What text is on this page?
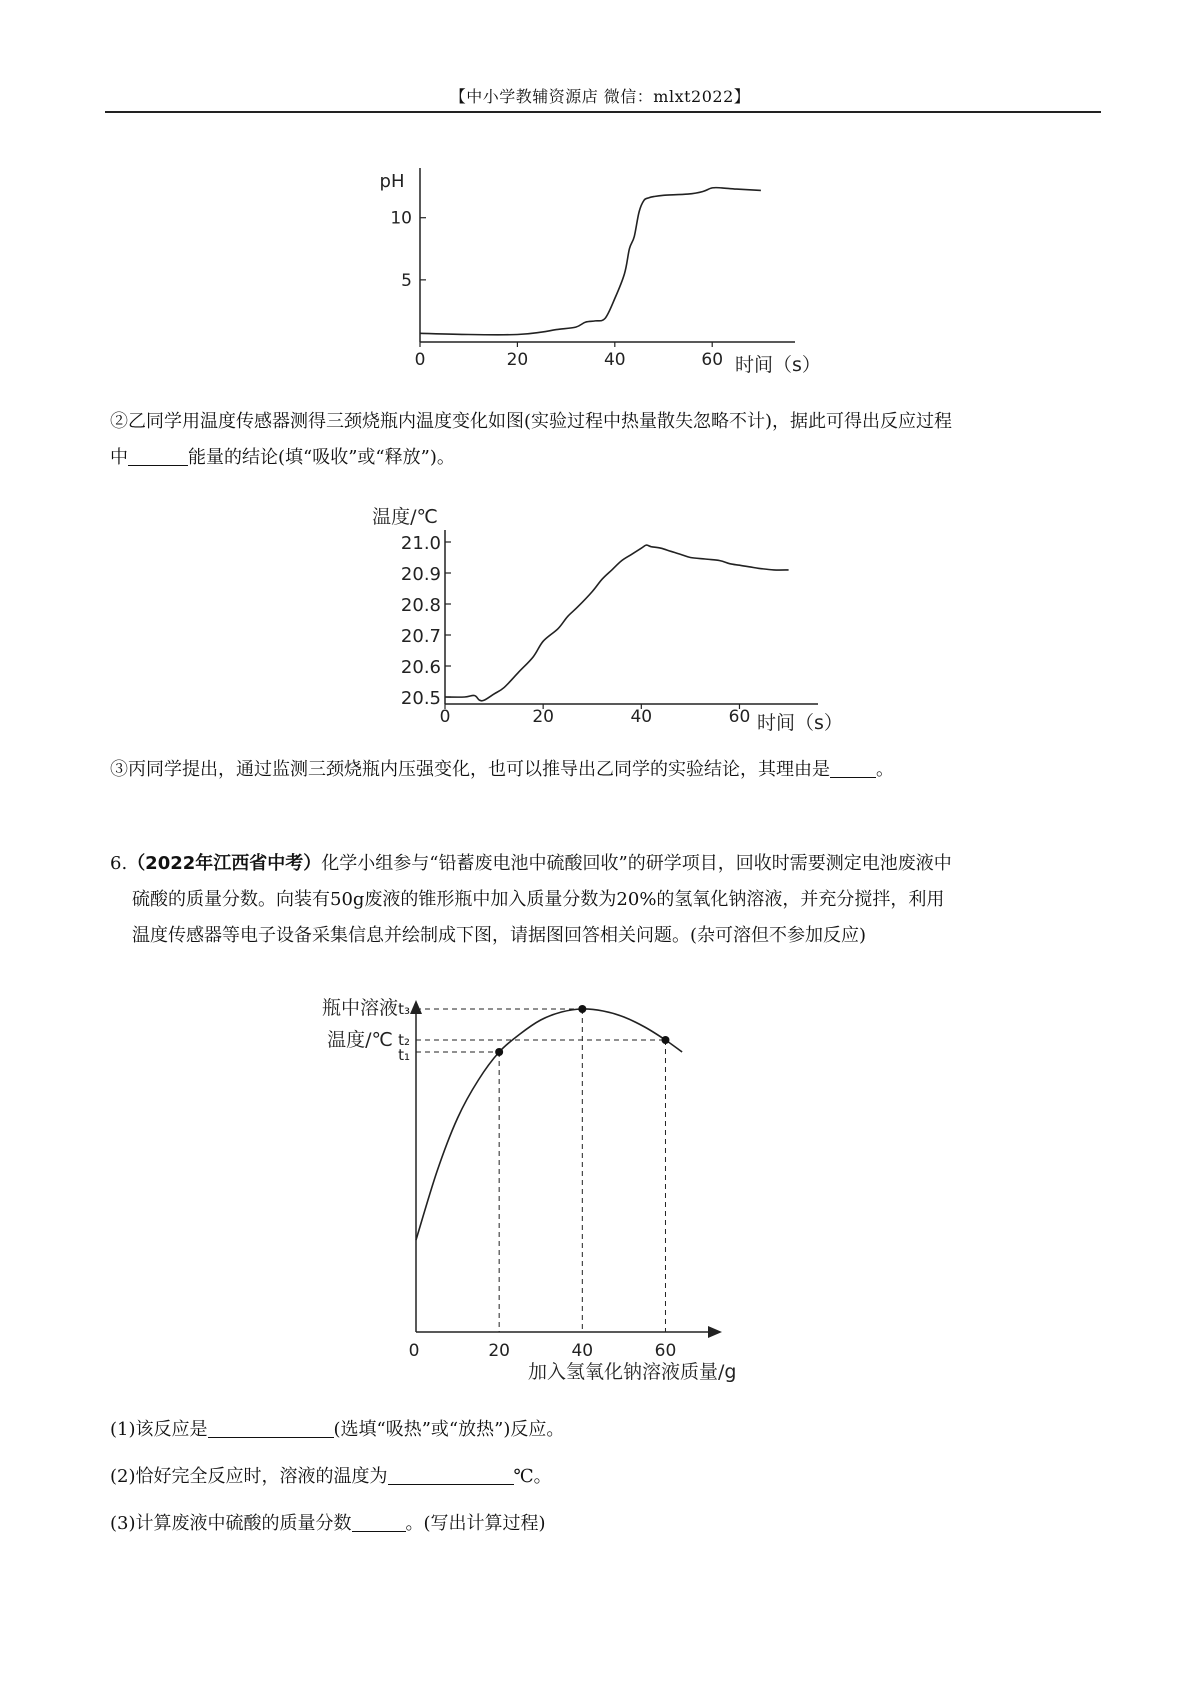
【中小学教辅资源店 微信：mlxt2022】
pH
0	20	40	60
5
10
时间（s）
②乙同学用温度传感器测得三颈烧瓶内温度变化如图(实验过程中热量散失忽略不计)，据此可得出反应过程
中	能量的结论(填“吸收”或“释放”)。
温度/℃
0	20	40	60
20.5
20.6
20.7
20.8
20.9
21.0
时间（s）
③丙同学提出，通过监测三颈烧瓶内压强变化，也可以推导出乙同学的实验结论，其理由是	。
6.（2022年江西省中考）化学小组参与“铅蓄废电池中硫酸回收”的研学项目，回收时需要测定电池废液中
硫酸的质量分数。向装有50g废液的锥形瓶中加入质量分数为20%的氢氧化钠溶液，并充分搅拌，利用
温度传感器等电子设备采集信息并绘制成下图，请据图回答相关问题。(杂可溶但不参加反应)
瓶中溶液
温度/℃
t₃
t₂
t₁
0	20	40	60
加入氢氧化钠溶液质量/g
(1)该反应是	(选填“吸热”或“放热”)反应。
(2)恰好完全反应时，溶液的温度为	℃。
(3)计算废液中硫酸的质量分数	。(写出计算过程)
